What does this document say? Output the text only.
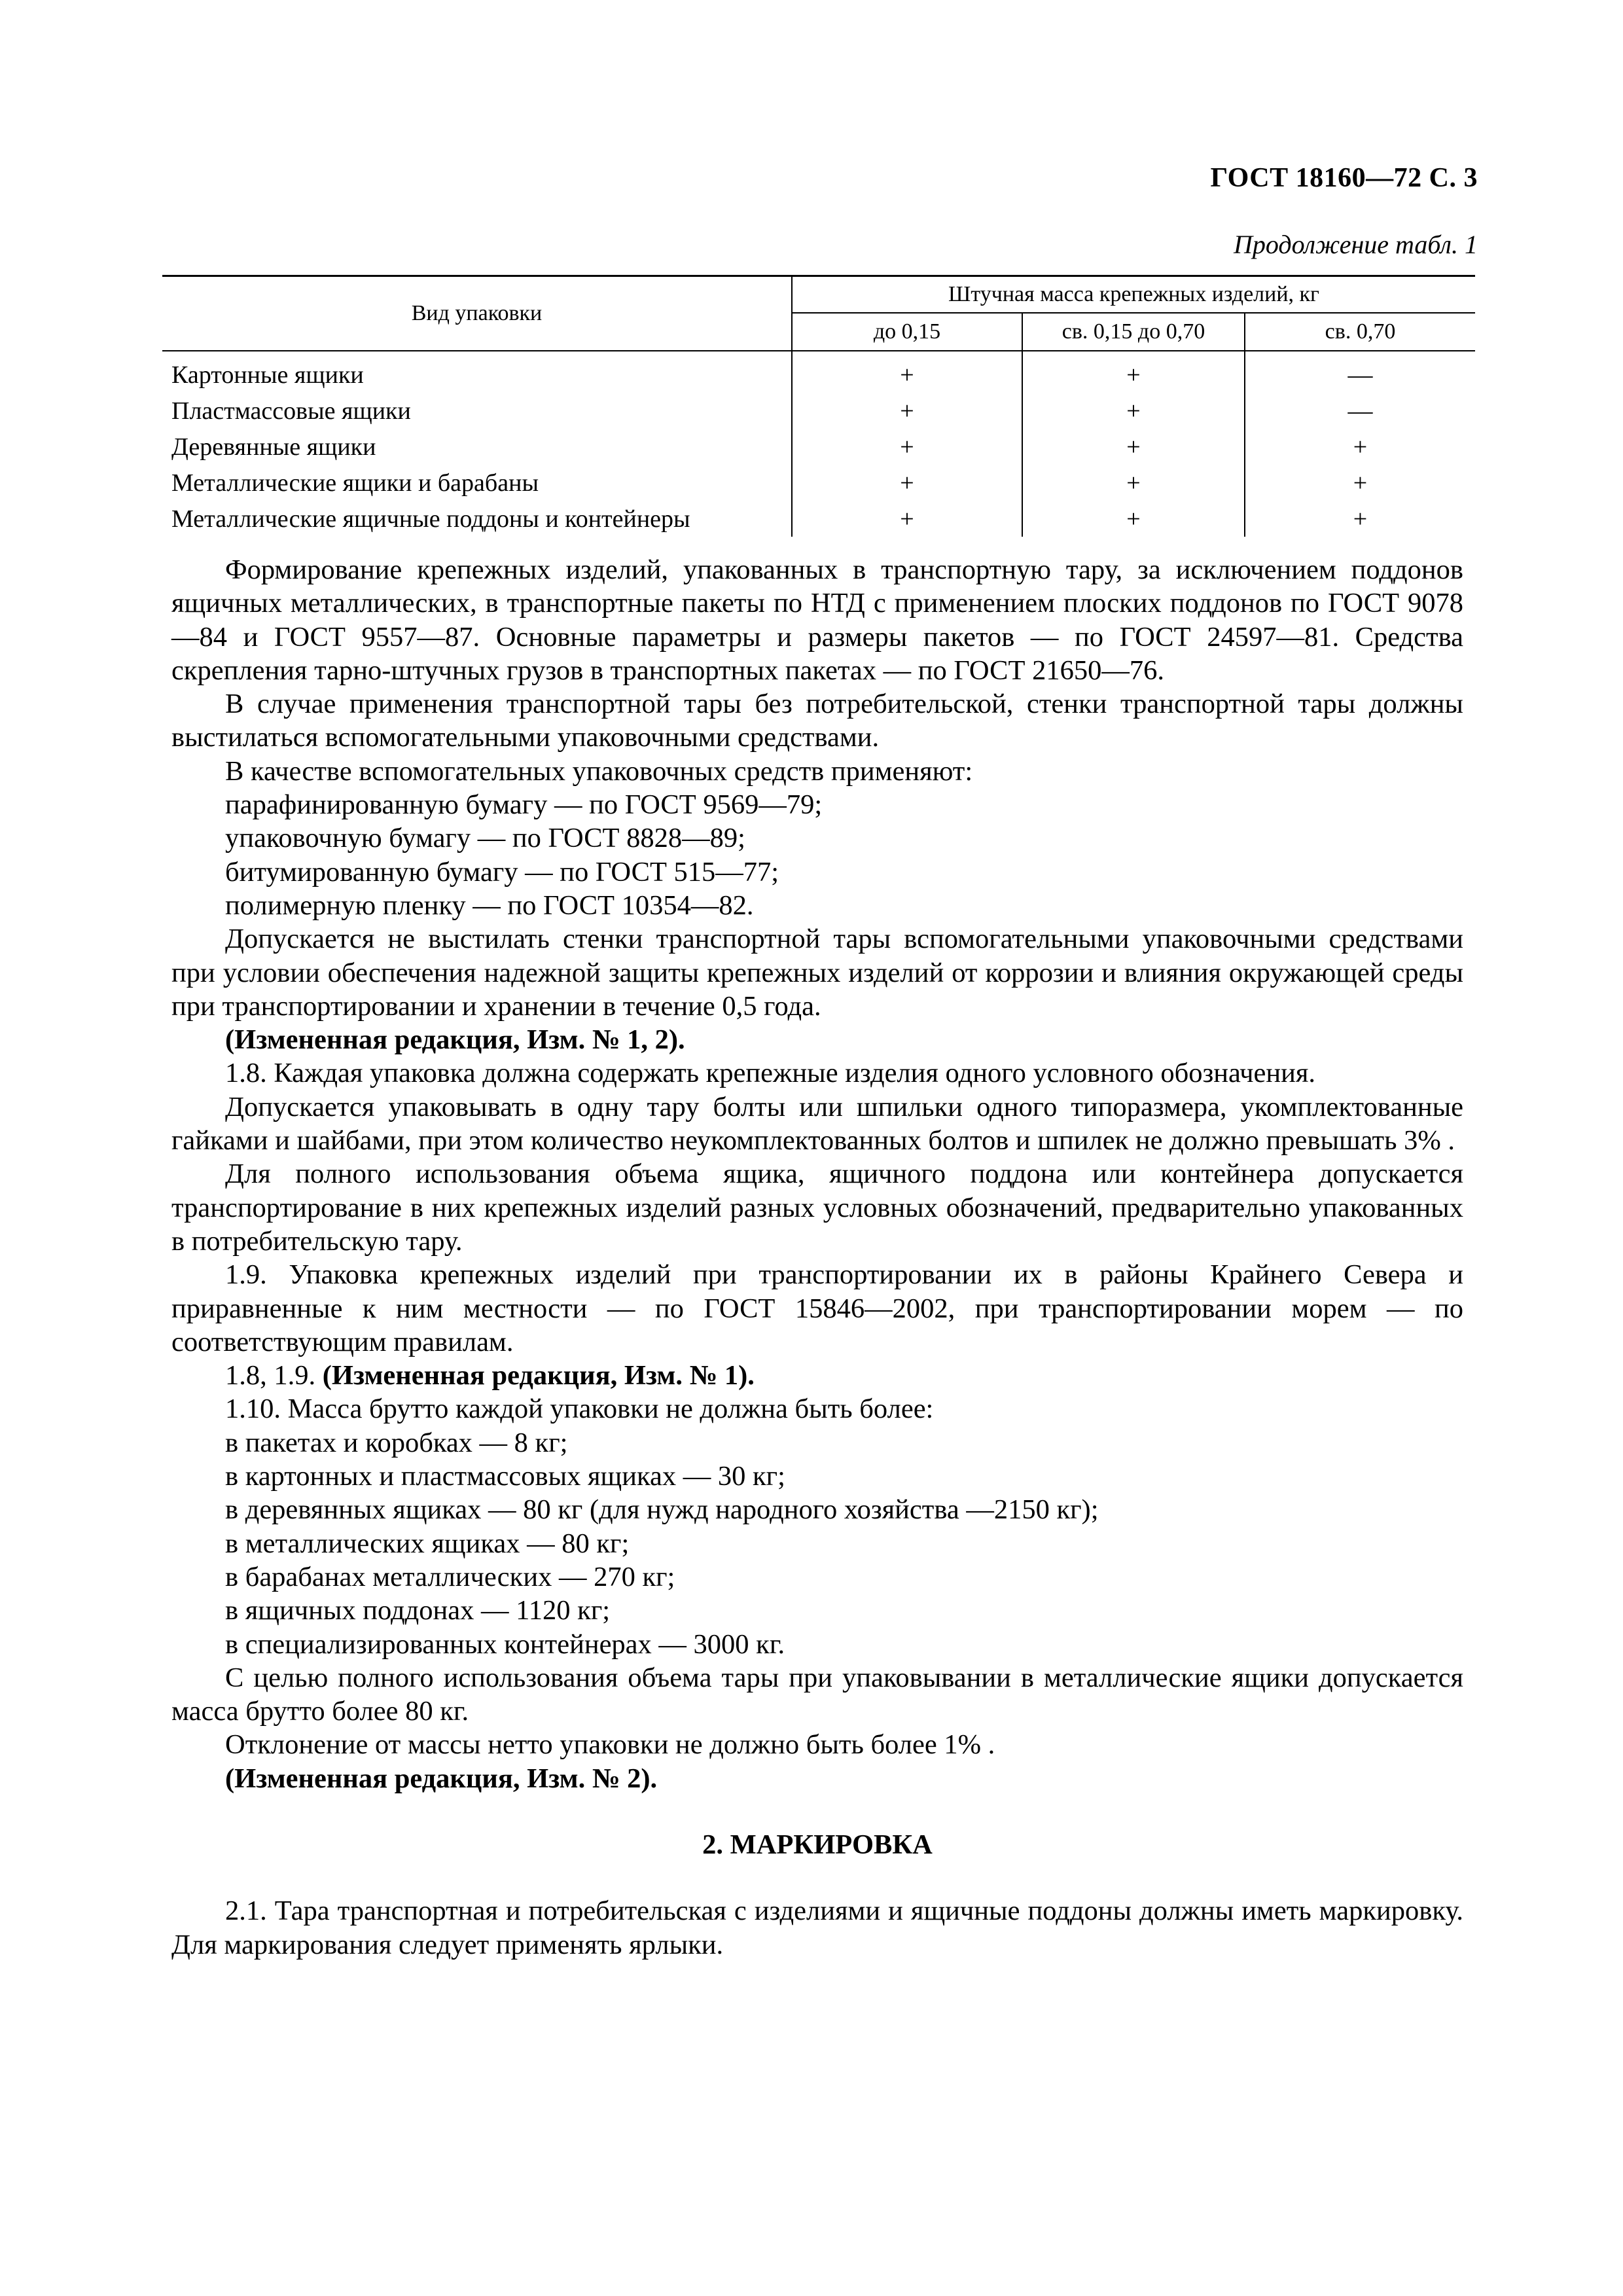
ГОСТ 18160—72 С. 3
Продолжение табл. 1
Вид упаковки	Штучная масса крепежных изделий, кг		
	до 0,15	св. 0,15 до 0,70	св. 0,70
Картонные ящики	+	+	—
Пластмассовые ящики	+	+	—
Деревянные ящики	+	+	+
Металлические ящики и барабаны	+	+	+
Металлические ящичные поддоны и контейнеры	+	+	+

Формирование крепежных изделий, упакованных в транспортную тару, за исключением поддонов ящичных металлических, в транспортные пакеты по НТД с применением плоских поддонов по ГОСТ 9078—84 и ГОСТ 9557—87. Основные параметры и размеры пакетов — по ГОСТ 24597—81. Средства скрепления тарно-штучных грузов в транспортных пакетах — по ГОСТ 21650—76.

В случае применения транспортной тары без потребительской, стенки транспортной тары должны выстилаться вспомогательными упаковочными средствами.

В качестве вспомогательных упаковочных средств применяют:

парафинированную бумагу — по ГОСТ 9569—79;

упаковочную бумагу — по ГОСТ 8828—89;

битумированную бумагу — по ГОСТ 515—77;

полимерную пленку — по ГОСТ 10354—82.

Допускается не выстилать стенки транспортной тары вспомогательными упаковочными средствами при условии обеспечения надежной защиты крепежных изделий от коррозии и влияния окружающей среды при транспортировании и хранении в течение 0,5 года.

(Измененная редакция, Изм. № 1, 2).

1.8. Каждая упаковка должна содержать крепежные изделия одного условного обозначения.

Допускается упаковывать в одну тару болты или шпильки одного типоразмера, укомплектованные гайками и шайбами, при этом количество неукомплектованных болтов и шпилек не должно превышать 3% .

Для полного использования объема ящика, ящичного поддона или контейнера допускается транспортирование в них крепежных изделий разных условных обозначений, предварительно упакованных в потребительскую тару.

1.9. Упаковка крепежных изделий при транспортировании их в районы Крайнего Севера и приравненные к ним местности — по ГОСТ 15846—2002, при транспортировании морем — по соответствующим правилам.

1.8, 1.9. (Измененная редакция, Изм. № 1).

1.10. Масса брутто каждой упаковки не должна быть более:

в пакетах и коробках — 8 кг;

в картонных и пластмассовых ящиках — 30 кг;

в деревянных ящиках — 80 кг (для нужд народного хозяйства —2150 кг);

в металлических ящиках — 80 кг;

в барабанах металлических — 270 кг;

в ящичных поддонах — 1120 кг;

в специализированных контейнерах — 3000 кг.

С целью полного использования объема тары при упаковывании в металлические ящики допускается масса брутто более 80 кг.

Отклонение от массы нетто упаковки не должно быть более 1% .

(Измененная редакция, Изм. № 2).

2. МАРКИРОВКА

2.1. Тара транспортная и потребительская с изделиями и ящичные поддоны должны иметь маркировку. Для маркирования следует применять ярлыки.
